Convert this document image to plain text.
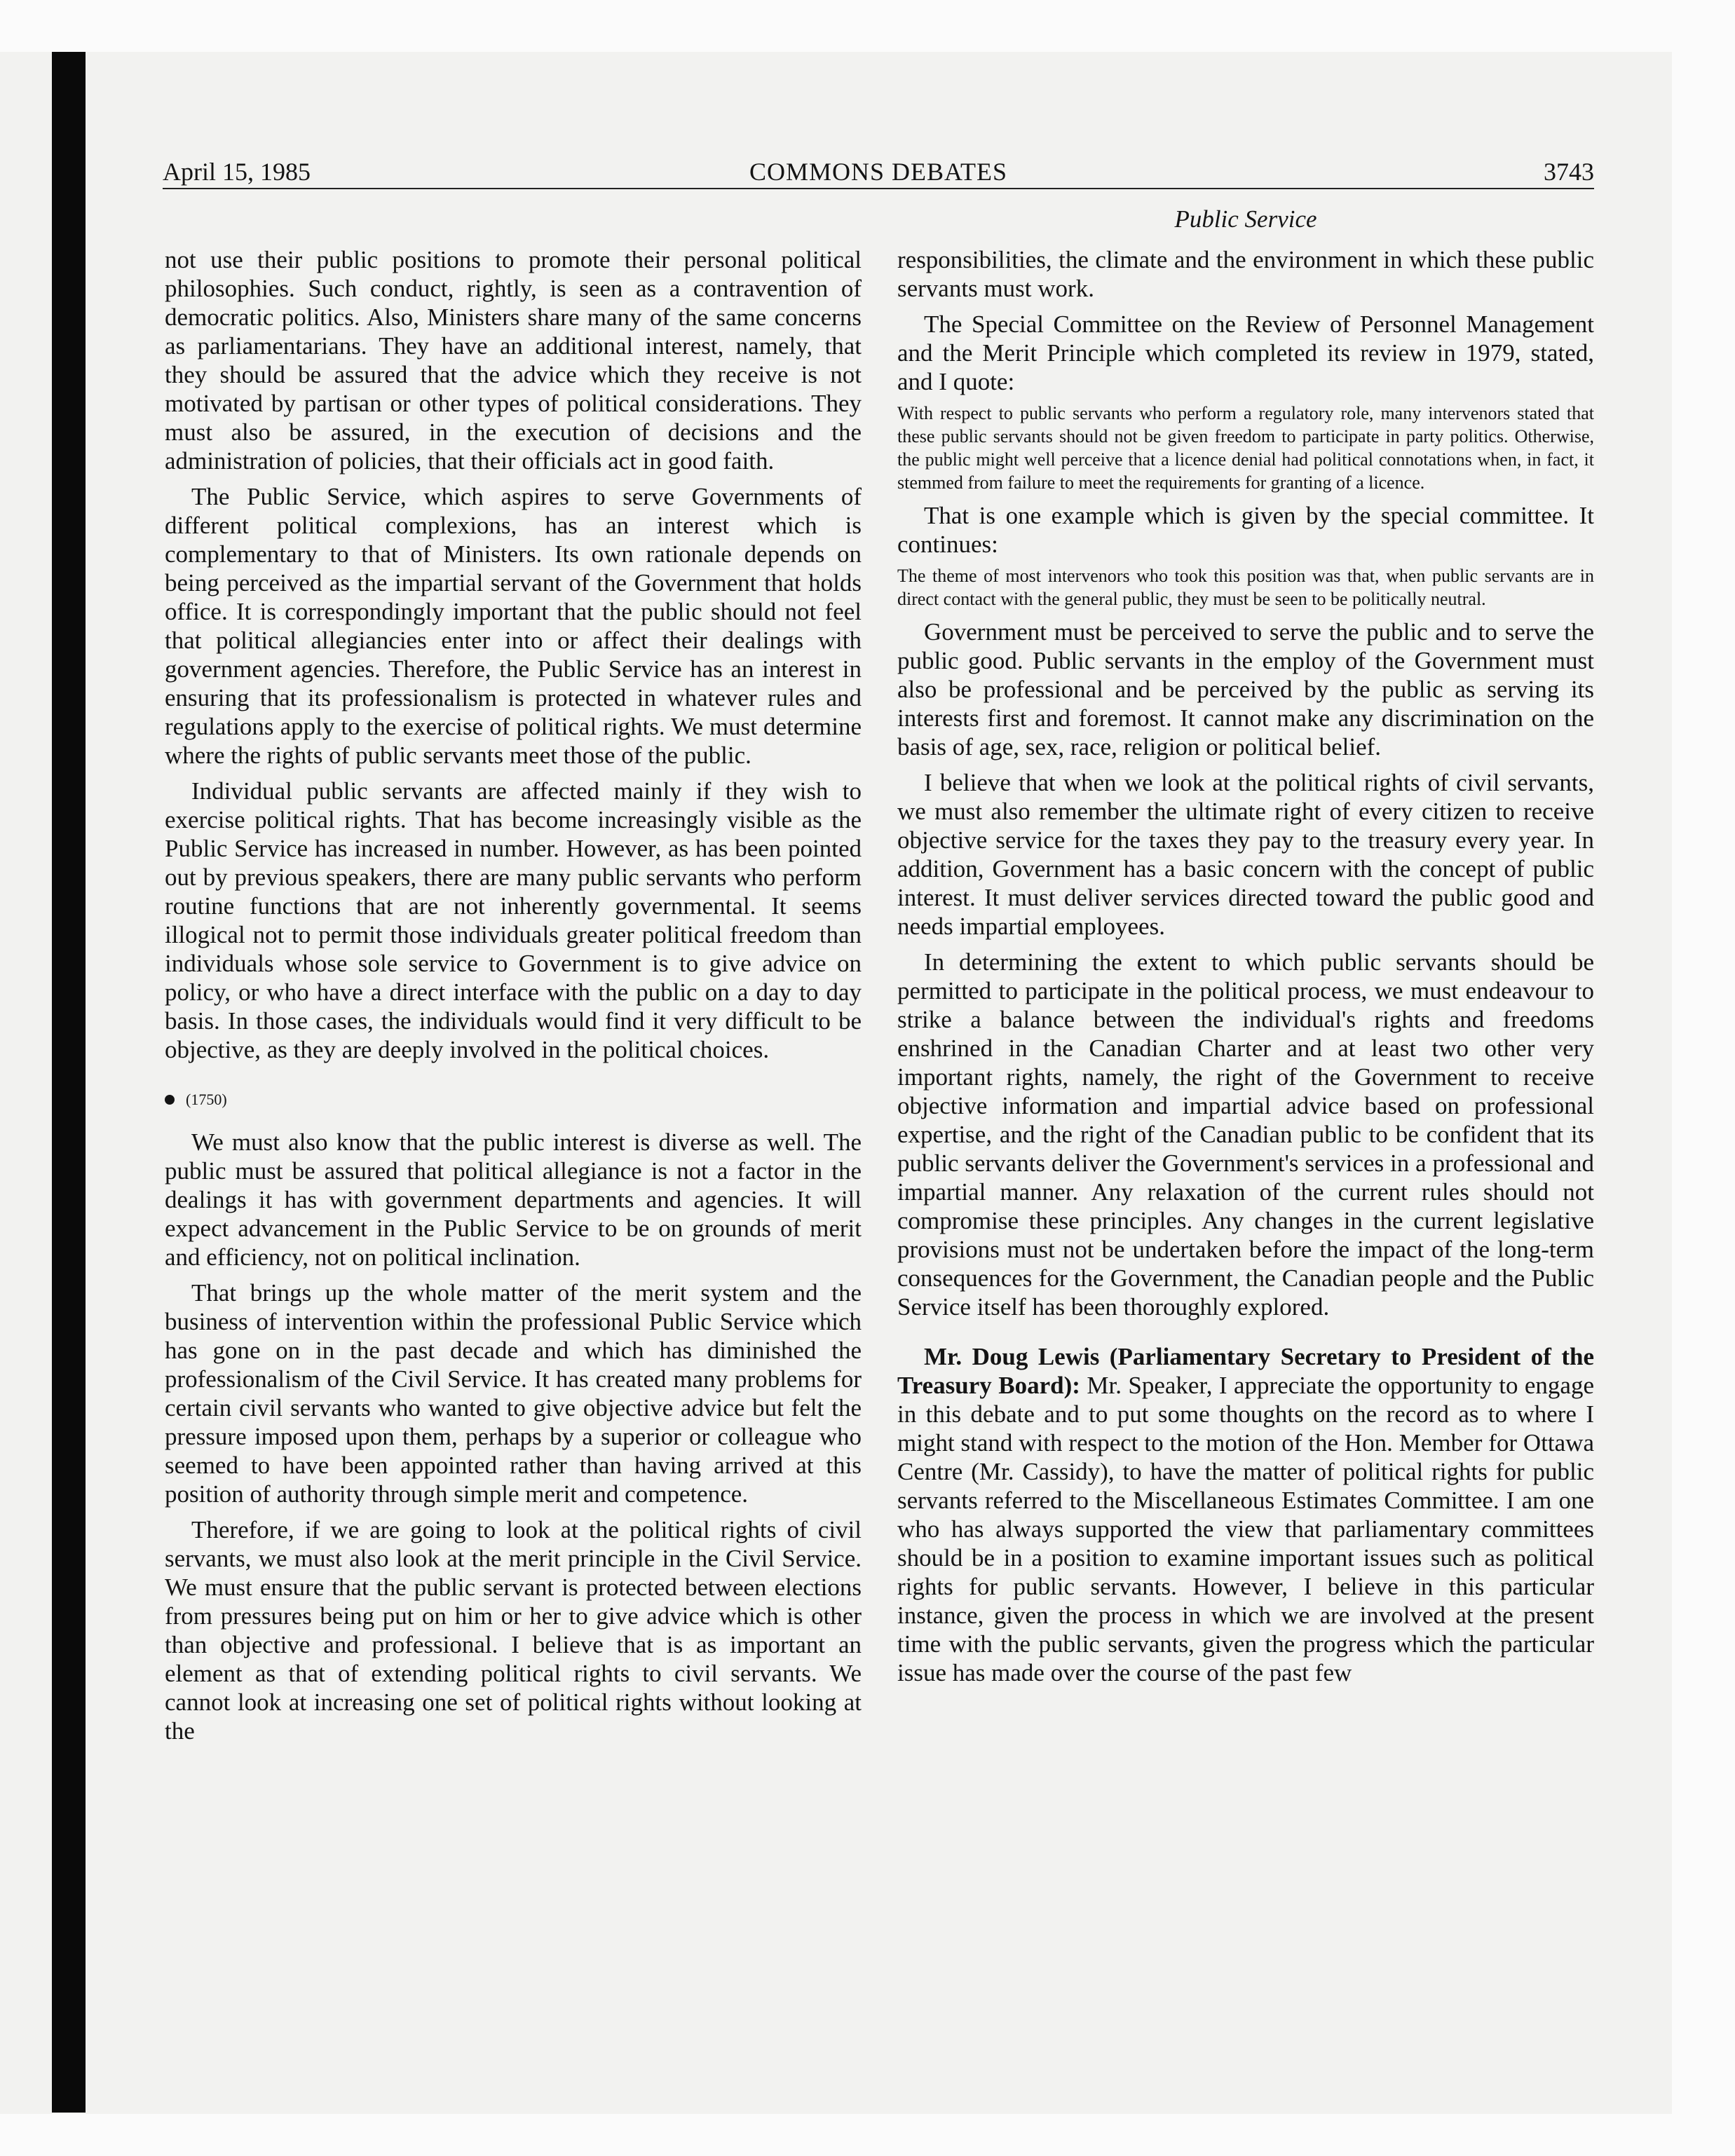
April 15, 1985	COMMONS DEBATES	3743
Public Service

not use their public positions to promote their personal political philosophies. Such conduct, rightly, is seen as a contravention of democratic politics. Also, Ministers share many of the same concerns as parliamentarians. They have an additional interest, namely, that they should be assured that the advice which they receive is not motivated by partisan or other types of political considerations. They must also be assured, in the execution of decisions and the administration of policies, that their officials act in good faith.

The Public Service, which aspires to serve Governments of different political complexions, has an interest which is complementary to that of Ministers. Its own rationale depends on being perceived as the impartial servant of the Government that holds office. It is correspondingly important that the public should not feel that political allegiancies enter into or affect their dealings with government agencies. Therefore, the Public Service has an interest in ensuring that its professionalism is protected in whatever rules and regulations apply to the exercise of political rights. We must determine where the rights of public servants meet those of the public.

Individual public servants are affected mainly if they wish to exercise political rights. That has become increasingly visible as the Public Service has increased in number. However, as has been pointed out by previous speakers, there are many public servants who perform routine functions that are not inherently governmental. It seems illogical not to permit those individuals greater political freedom than individuals whose sole service to Government is to give advice on policy, or who have a direct interface with the public on a day to day basis. In those cases, the individuals would find it very difficult to be objective, as they are deeply involved in the political choices.

(1750)

We must also know that the public interest is diverse as well. The public must be assured that political allegiance is not a factor in the dealings it has with government departments and agencies. It will expect advancement in the Public Service to be on grounds of merit and efficiency, not on political inclination.

That brings up the whole matter of the merit system and the business of intervention within the professional Public Service which has gone on in the past decade and which has diminished the professionalism of the Civil Service. It has created many problems for certain civil servants who wanted to give objective advice but felt the pressure imposed upon them, perhaps by a superior or colleague who seemed to have been appointed rather than having arrived at this position of authority through simple merit and competence.

Therefore, if we are going to look at the political rights of civil servants, we must also look at the merit principle in the Civil Service. We must ensure that the public servant is protected between elections from pressures being put on him or her to give advice which is other than objective and professional. I believe that is as important an element as that of extending political rights to civil servants. We cannot look at increasing one set of political rights without looking at the

responsibilities, the climate and the environment in which these public servants must work.

The Special Committee on the Review of Personnel Management and the Merit Principle which completed its review in 1979, stated, and I quote:

With respect to public servants who perform a regulatory role, many intervenors stated that these public servants should not be given freedom to participate in party politics. Otherwise, the public might well perceive that a licence denial had political connotations when, in fact, it stemmed from failure to meet the requirements for granting of a licence.

That is one example which is given by the special committee. It continues:

The theme of most intervenors who took this position was that, when public servants are in direct contact with the general public, they must be seen to be politically neutral.

Government must be perceived to serve the public and to serve the public good. Public servants in the employ of the Government must also be professional and be perceived by the public as serving its interests first and foremost. It cannot make any discrimination on the basis of age, sex, race, religion or political belief.

I believe that when we look at the political rights of civil servants, we must also remember the ultimate right of every citizen to receive objective service for the taxes they pay to the treasury every year. In addition, Government has a basic concern with the concept of public interest. It must deliver services directed toward the public good and needs impartial employees.

In determining the extent to which public servants should be permitted to participate in the political process, we must endeavour to strike a balance between the individual's rights and freedoms enshrined in the Canadian Charter and at least two other very important rights, namely, the right of the Government to receive objective information and impartial advice based on professional expertise, and the right of the Canadian public to be confident that its public servants deliver the Government's services in a professional and impartial manner. Any relaxation of the current rules should not compromise these principles. Any changes in the current legislative provisions must not be undertaken before the impact of the long-term consequences for the Government, the Canadian people and the Public Service itself has been thoroughly explored.

Mr. Doug Lewis (Parliamentary Secretary to President of the Treasury Board): Mr. Speaker, I appreciate the opportunity to engage in this debate and to put some thoughts on the record as to where I might stand with respect to the motion of the Hon. Member for Ottawa Centre (Mr. Cassidy), to have the matter of political rights for public servants referred to the Miscellaneous Estimates Committee. I am one who has always supported the view that parliamentary committees should be in a position to examine important issues such as political rights for public servants. However, I believe in this particular instance, given the process in which we are involved at the present time with the public servants, given the progress which the particular issue has made over the course of the past few
